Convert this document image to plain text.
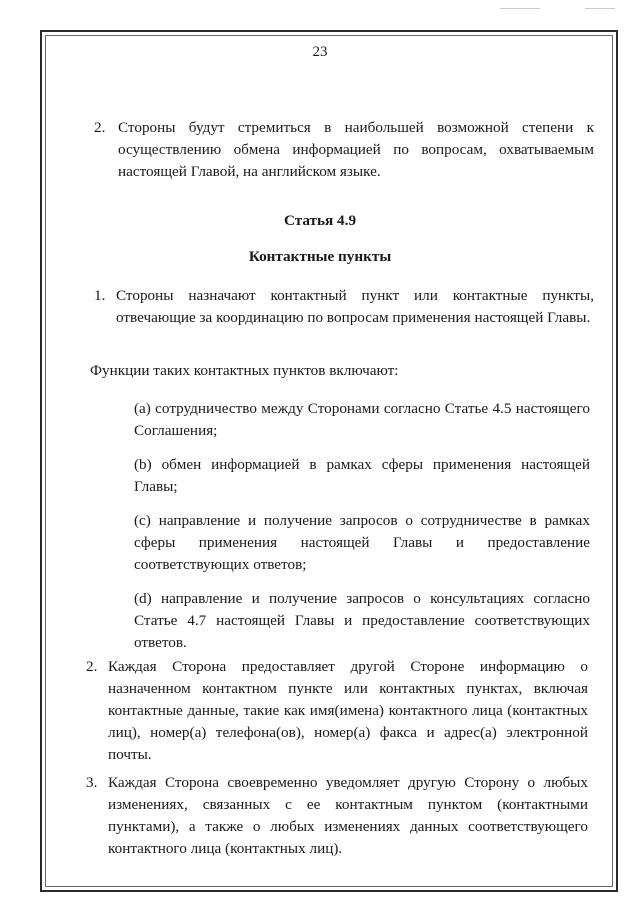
23
2. Стороны будут стремиться в наибольшей возможной степени к осуществлению обмена информацией по вопросам, охватываемым настоящей Главой, на английском языке.
Статья 4.9
Контактные пункты
1. Стороны назначают контактный пункт или контактные пункты, отвечающие за координацию по вопросам применения настоящей Главы.
Функции таких контактных пунктов включают:
(a) сотрудничество между Сторонами согласно Статье 4.5 настоящего Соглашения;
(b) обмен информацией в рамках сферы применения настоящей Главы;
(c) направление и получение запросов о сотрудничестве в рамках сферы применения настоящей Главы и предоставление соответствующих ответов;
(d) направление и получение запросов о консультациях согласно Статье 4.7 настоящей Главы и предоставление соответствующих ответов.
2. Каждая Сторона предоставляет другой Стороне информацию о назначенном контактном пункте или контактных пунктах, включая контактные данные, такие как имя(имена) контактного лица (контактных лиц), номер(а) телефона(ов), номер(а) факса и адрес(а) электронной почты.
3. Каждая Сторона своевременно уведомляет другую Сторону о любых изменениях, связанных с ее контактным пунктом (контактными пунктами), а также о любых изменениях данных соответствующего контактного лица (контактных лиц).
